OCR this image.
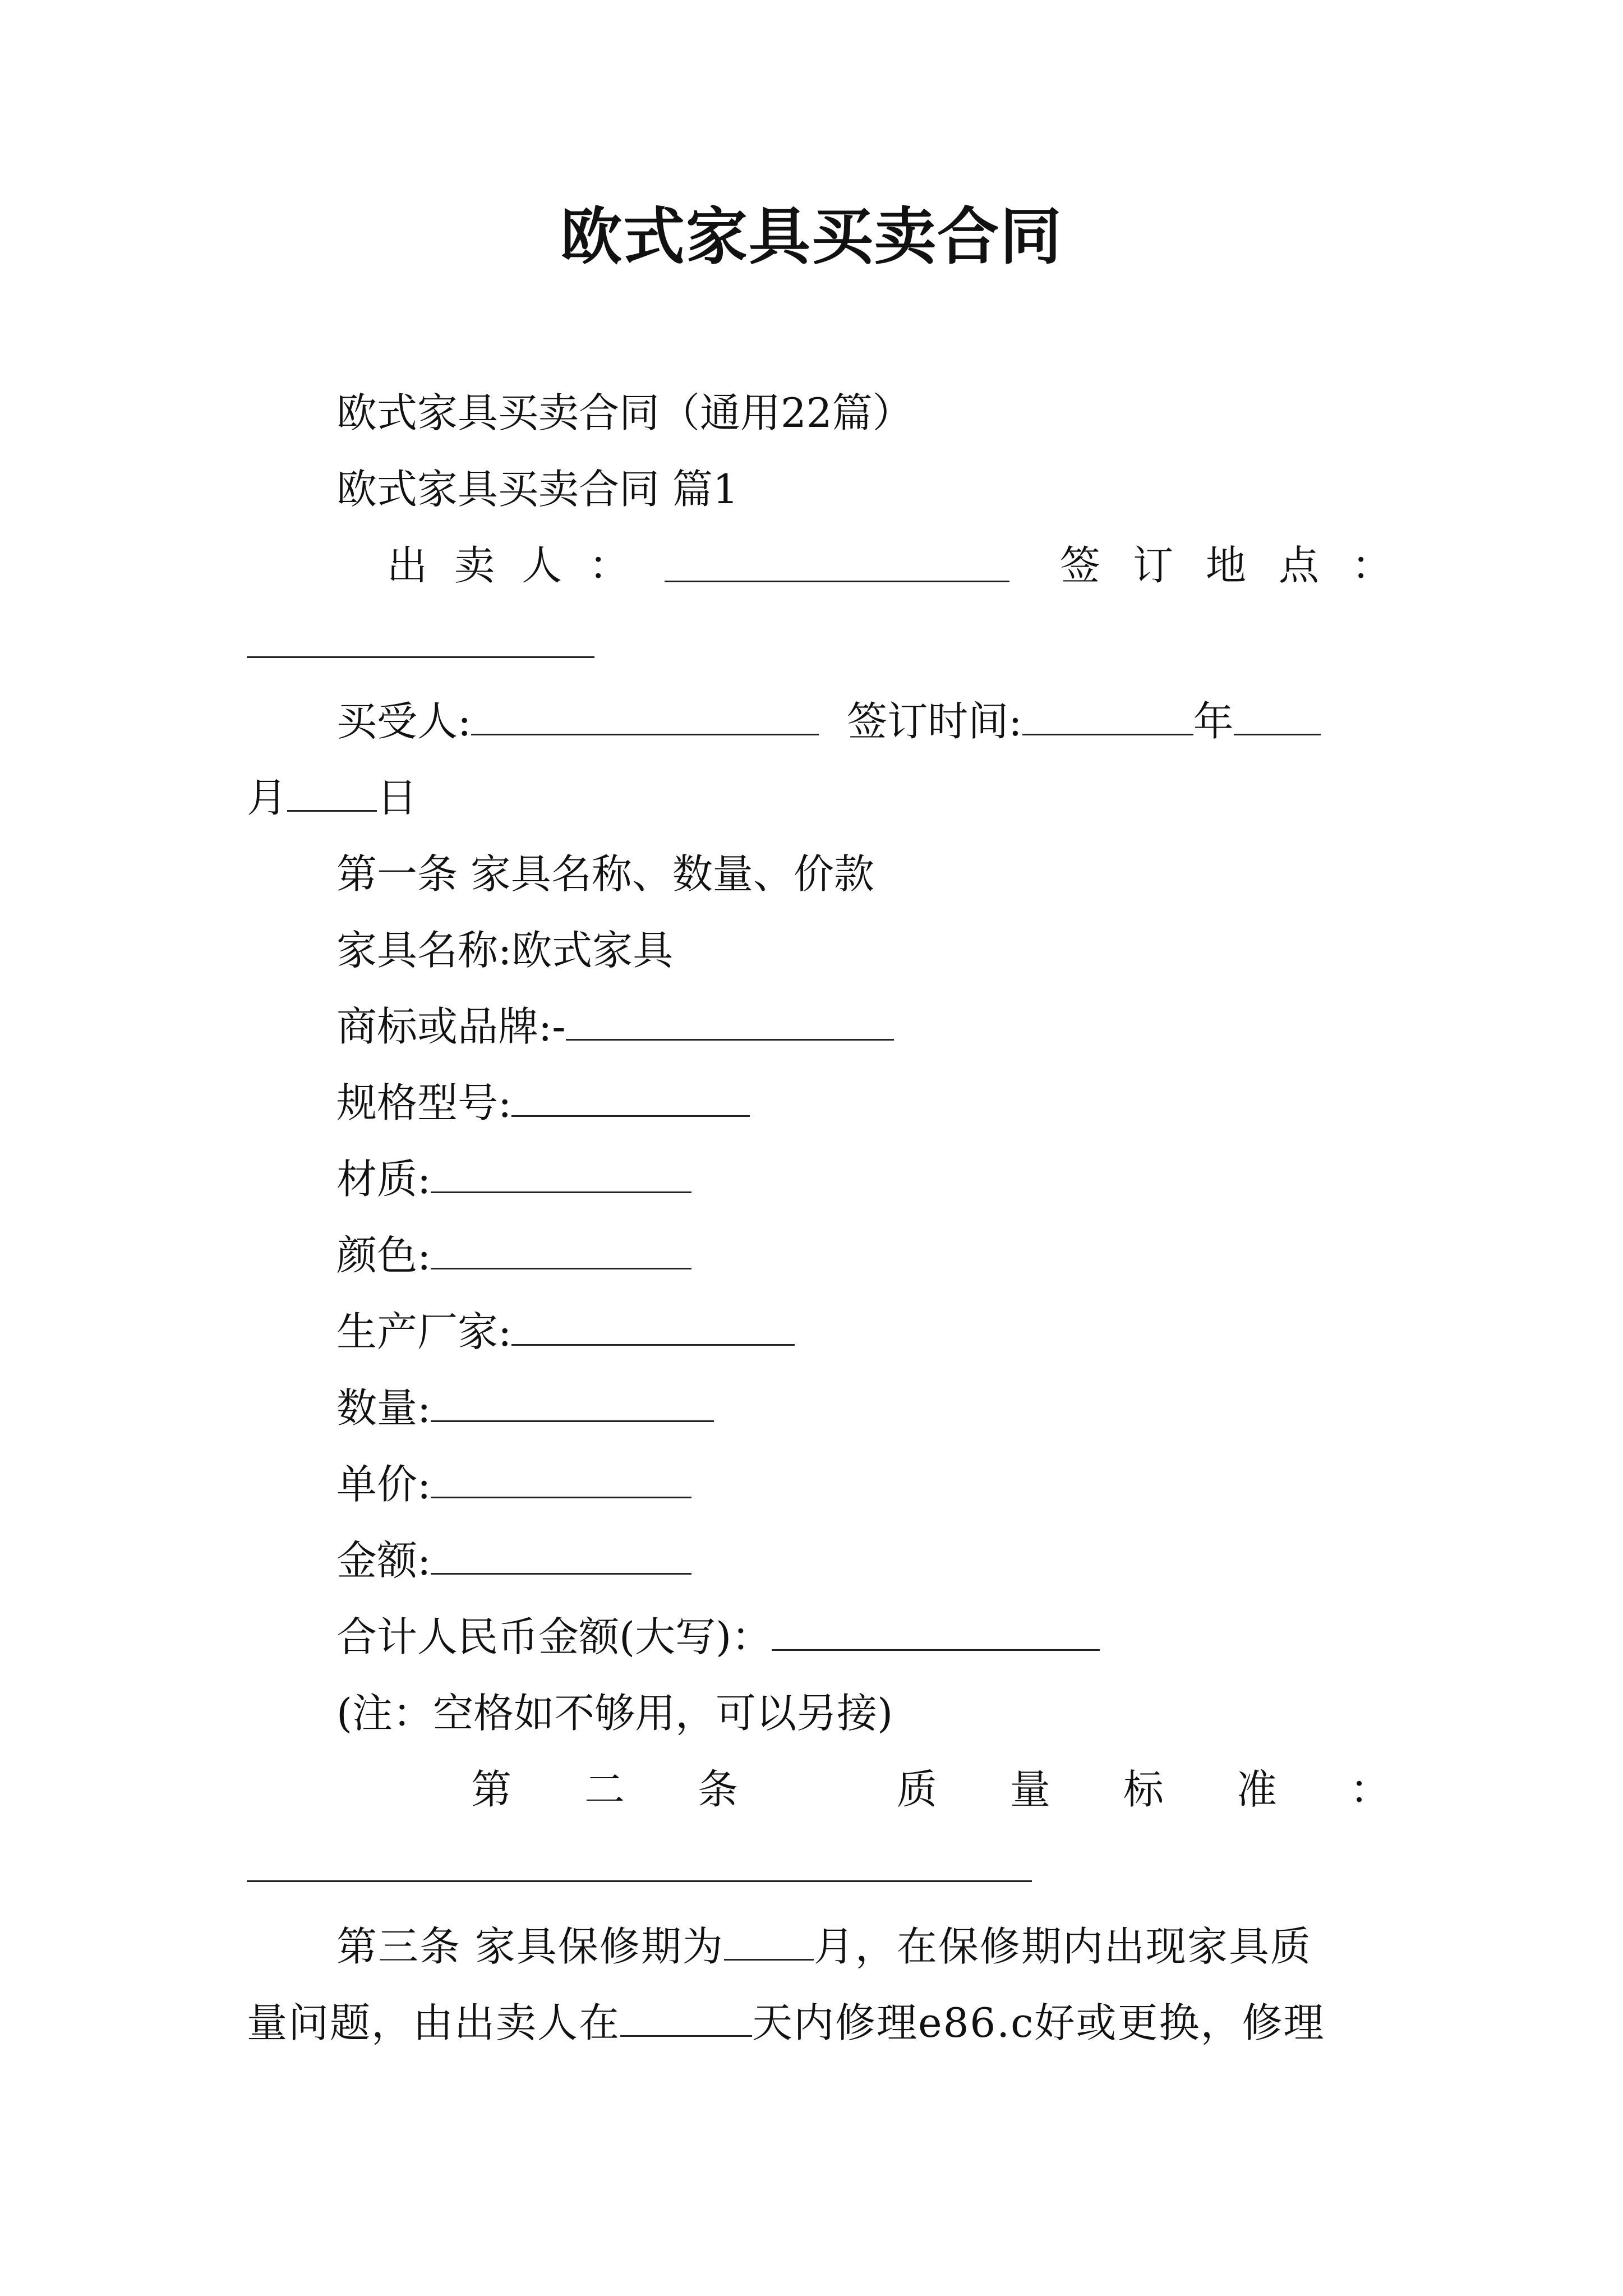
欧式家具买卖合同
欧式家具买卖合同（通用22篇）
欧式家具买卖合同 篇1
出卖人：	签订地点：
买受人:	签订时间:	年
月 日
第一条 家具名称、数量、价款
家具名称:欧式家具
商标或品牌:-
规格型号:
材质:
颜色:
生产厂家:
数量:
单价:
金额:
合计人民币金额(大写)：
(注：空格如不够用，可以另接)
第二条 质量标准：
第三条 家具保修期为 月，在保修期内出现家具质
量问题，由出卖人在	天内修理e86.c好或更换，修理
